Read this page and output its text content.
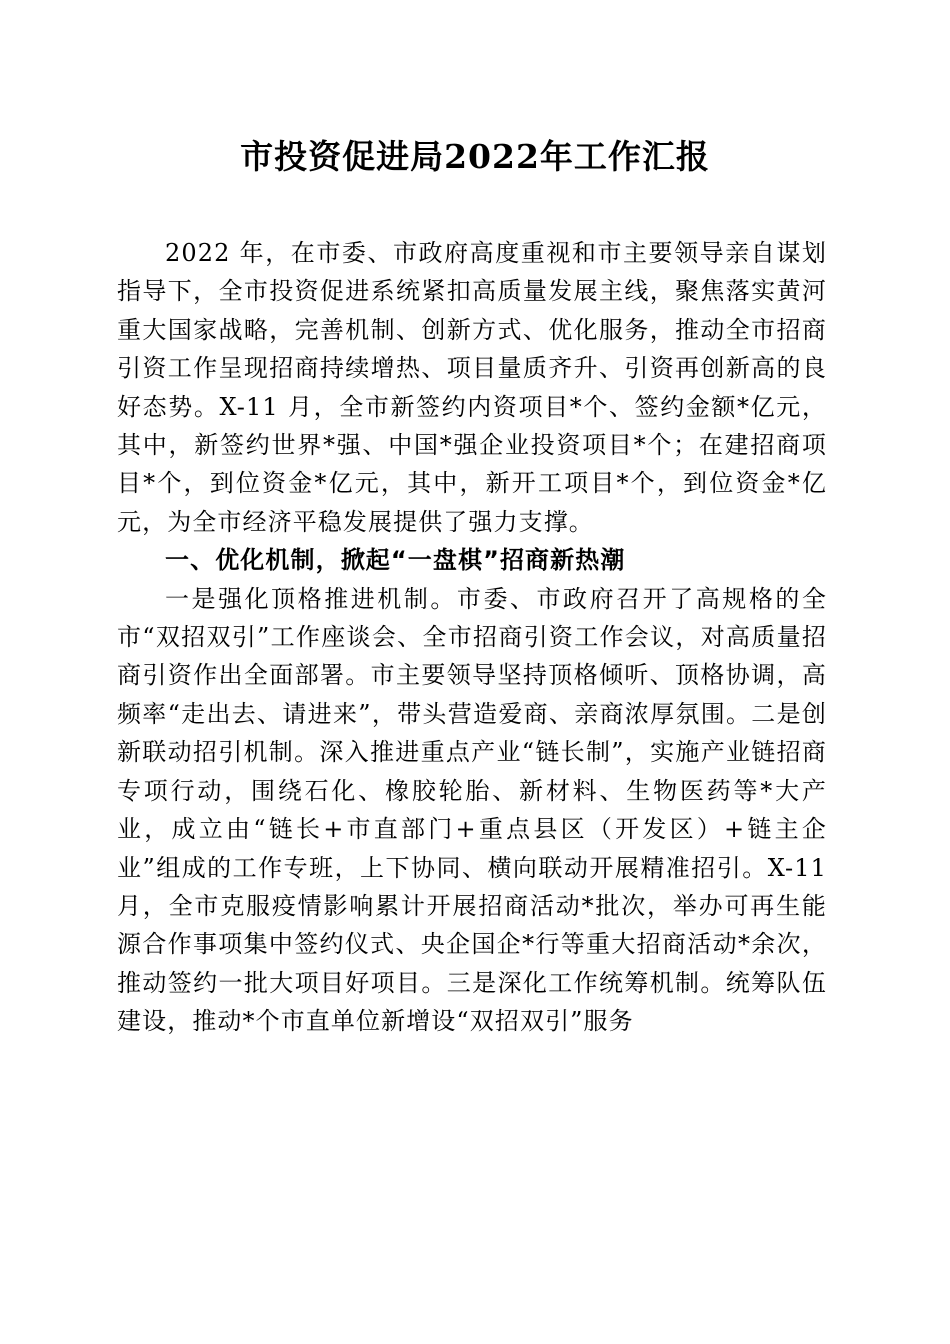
市投资促进局2022年工作汇报

2022 年，在市委、市政府高度重视和市主要领导亲自谋划指导下，全市投资促进系统紧扣高质量发展主线，聚焦落实黄河重大国家战略，完善机制、创新方式、优化服务，推动全市招商引资工作呈现招商持续增热、项目量质齐升、引资再创新高的良好态势。X-11 月，全市新签约内资项目*个、签约金额*亿元，其中，新签约世界*强、中国*强企业投资项目*个；在建招商项目*个，到位资金*亿元，其中，新开工项目*个，到位资金*亿元，为全市经济平稳发展提供了强力支撑。

一、优化机制，掀起“一盘棋”招商新热潮

一是强化顶格推进机制。市委、市政府召开了高规格的全市“双招双引”工作座谈会、全市招商引资工作会议，对高质量招商引资作出全面部署。市主要领导坚持顶格倾听、顶格协调，高频率“走出去、请进来”，带头营造爱商、亲商浓厚氛围。二是创新联动招引机制。深入推进重点产业“链长制”，实施产业链招商专项行动，围绕石化、橡胶轮胎、新材料、生物医药等*大产业，成立由“链长+市直部门+重点县区（开发区）+链主企业”组成的工作专班，上下协同、横向联动开展精准招引。X-11 月，全市克服疫情影响累计开展招商活动*批次，举办可再生能源合作事项集中签约仪式、央企国企*行等重大招商活动*余次，推动签约一批大项目好项目。三是深化工作统筹机制。统筹队伍建设，推动*个市直单位新增设“双招双引”服务
